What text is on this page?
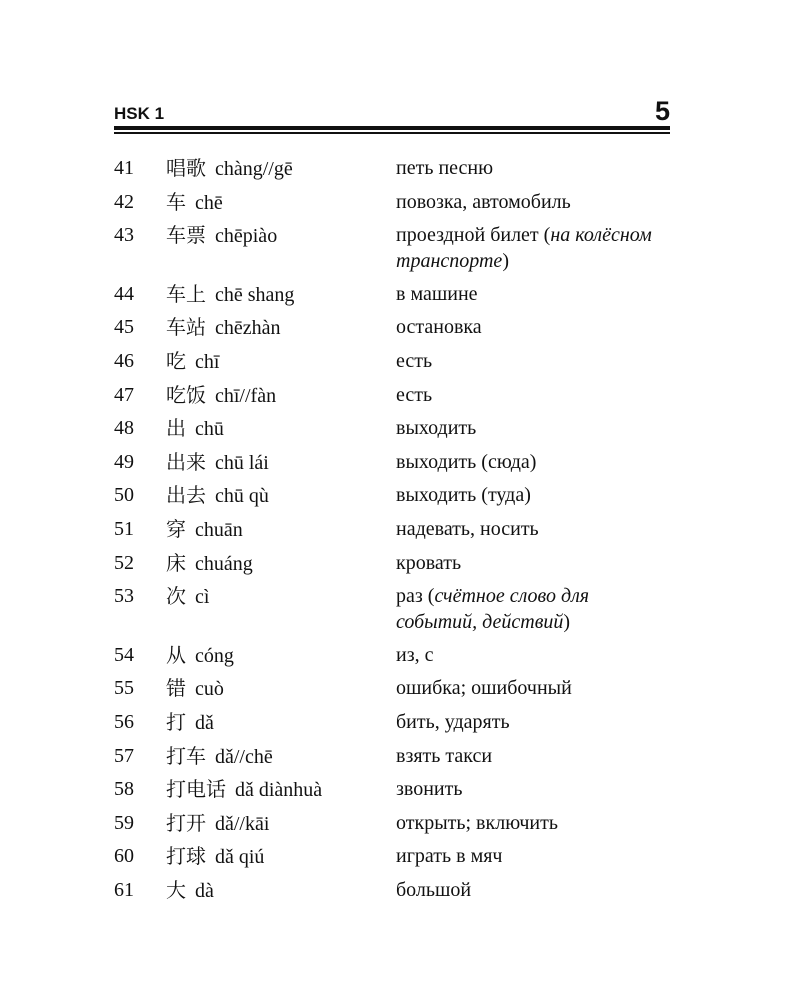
HSK 1	5
41	唱歌 chàng//gē	петь песню
42	车 chē	повозка, автомобиль
43	车票 chēpiào	проездной билет (на колёсном транспорте)
44	车上 chē shang	в машине
45	车站 chēzhàn	остановка
46	吃 chī	есть
47	吃饭 chī//fàn	есть
48	出 chū	выходить
49	出来 chū lái	выходить (сюда)
50	出去 chū qù	выходить (туда)
51	穿 chuān	надевать, носить
52	床 chuáng	кровать
53	次 cì	раз (счётное слово для событий, действий)
54	从 cóng	из, с
55	错 cuò	ошибка; ошибочный
56	打 dǎ	бить, ударять
57	打车 dǎ//chē	взять такси
58	打电话 dǎ diànhuà	звонить
59	打开 dǎ//kāi	открыть; включить
60	打球 dǎ qiú	играть в мяч
61	大 dà	большой
